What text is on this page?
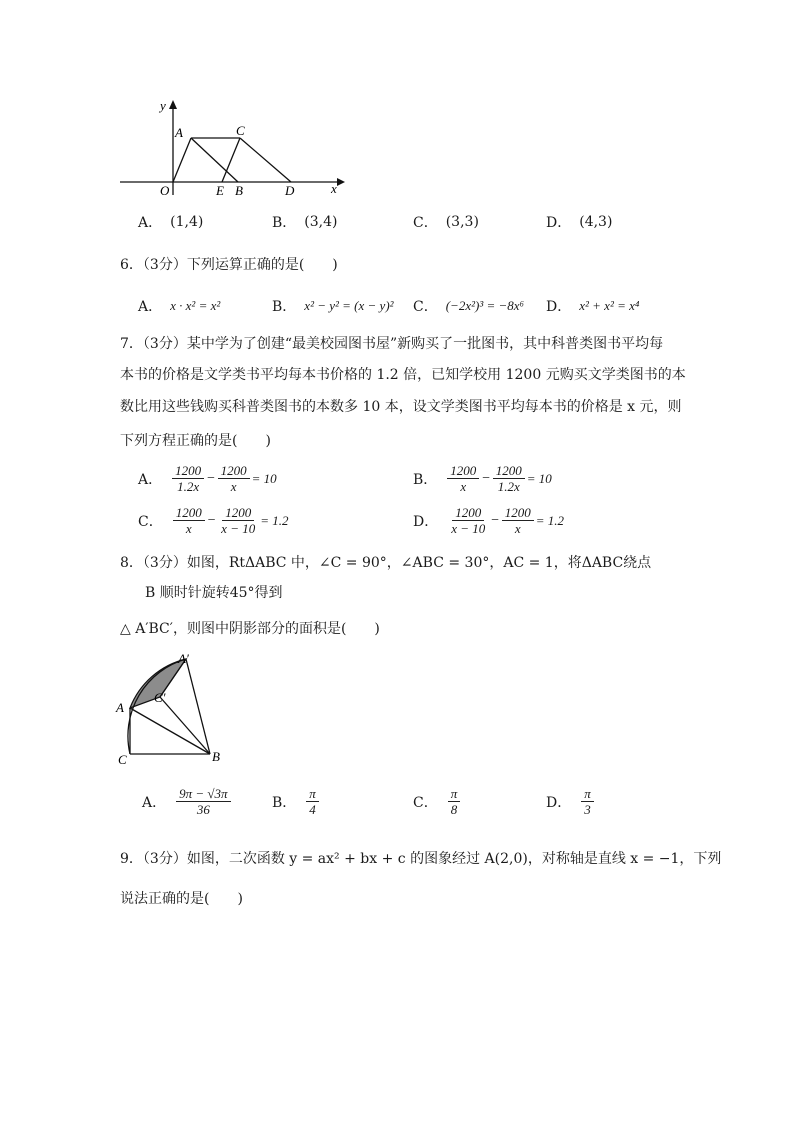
y
x
A	C
O	E B	D
A． (1,4)	B． (3,4)	C． (3,3)	D． (4,3)
6．（3分）下列运算正确的是(　　)
A． x · x² = x²	B． x² − y² = (x − y)² C． (−2x²)³ = −8x⁶ D． x² + x² = x⁴
7．（3分）某中学为了创建“最美校园图书屋”新购买了一批图书，其中科普类图书平均每
本书的价格是文学类书平均每本书价格的 1.2 倍，已知学校用 1200 元购买文学类图书的本
数比用这些钱购买科普类图书的本数多 10 本，设文学类图书平均每本书的价格是 x 元，则
下列方程正确的是(　　)
A． $\frac{1200}{1.2x} - \frac{1200}{x} = 10$	B． $\frac{1200}{x} - \frac{1200}{1.2x} = 10$
C． $\frac{1200}{x} - \frac{1200}{x - 10} = 1.2$	D． $\frac{1200}{x - 10} - \frac{1200}{x} = 1.2$
8．（3分）如图，RtΔABC 中，∠C = 90°，∠ABC = 30°，AC = 1，将ΔABC绕点
B 顺时针旋转45°得到
△ A′BC′，则图中阴影部分的面积是(　　)
A′
C′
A
C	B
A． $\frac{9\pi - √3\pi}{36}$	B． $\frac{\pi}{4}$	C． $\frac{\pi}{8}$	D． $\frac{\pi}{3}$
9．（3分）如图，二次函数 y = ax² + bx + c 的图象经过 A(2,0)，对称轴是直线 x = −1，下列
说法正确的是(　　)
